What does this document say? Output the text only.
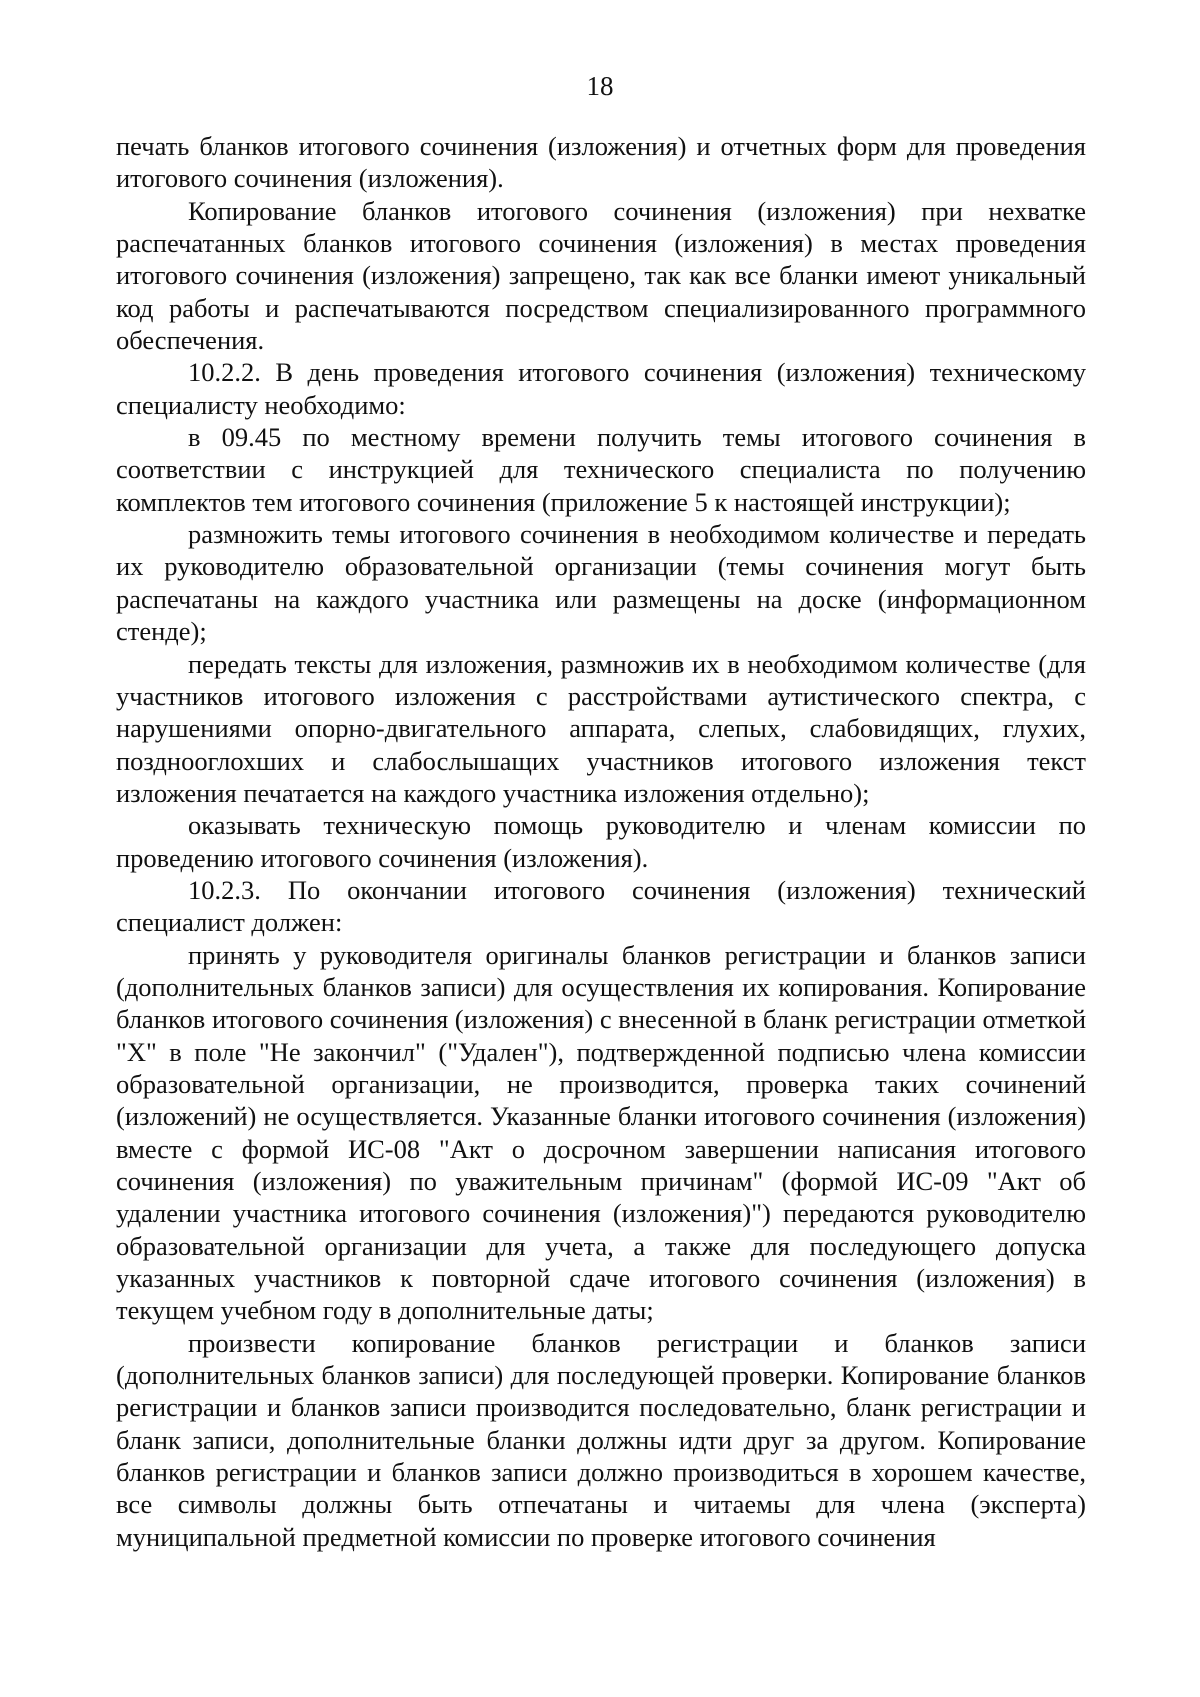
18

печать бланков итогового сочинения (изложения) и отчетных форм для проведения итогового сочинения (изложения).

Копирование бланков итогового сочинения (изложения) при нехватке распечатанных бланков итогового сочинения (изложения) в местах проведения итогового сочинения (изложения) запрещено, так как все бланки имеют уникальный код работы и распечатываются посредством специализированного программного обеспечения.

10.2.2. В день проведения итогового сочинения (изложения) техническому специалисту необходимо:

в 09.45 по местному времени получить темы итогового сочинения в соответствии с инструкцией для технического специалиста по получению комплектов тем итогового сочинения (приложение 5 к настоящей инструкции);

размножить темы итогового сочинения в необходимом количестве и передать их руководителю образовательной организации (темы сочинения могут быть распечатаны на каждого участника или размещены на доске (информационном стенде);

передать тексты для изложения, размножив их в необходимом количестве (для участников итогового изложения с расстройствами аутистического спектра, с нарушениями опорно-двигательного аппарата, слепых, слабовидящих, глухих, позднооглохших и слабослышащих участников итогового изложения текст изложения печатается на каждого участника изложения отдельно);

оказывать техническую помощь руководителю и членам комиссии по проведению итогового сочинения (изложения).

10.2.3. По окончании итогового сочинения (изложения) технический специалист должен:

принять у руководителя оригиналы бланков регистрации и бланков записи (дополнительных бланков записи) для осуществления их копирования. Копирование бланков итогового сочинения (изложения) с внесенной в бланк регистрации отметкой "X" в поле "Не закончил" ("Удален"), подтвержденной подписью члена комиссии образовательной организации, не производится, проверка таких сочинений (изложений) не осуществляется. Указанные бланки итогового сочинения (изложения) вместе с формой ИС-08 "Акт о досрочном завершении написания итогового сочинения (изложения) по уважительным причинам" (формой ИС-09 "Акт об удалении участника итогового сочинения (изложения)") передаются руководителю образовательной организации для учета, а также для последующего допуска указанных участников к повторной сдаче итогового сочинения (изложения) в текущем учебном году в дополнительные даты;

произвести копирование бланков регистрации и бланков записи (дополнительных бланков записи) для последующей проверки. Копирование бланков регистрации и бланков записи производится последовательно, бланк регистрации и бланк записи, дополнительные бланки должны идти друг за другом. Копирование бланков регистрации и бланков записи должно производиться в хорошем качестве, все символы должны быть отпечатаны и читаемы для члена (эксперта) муниципальной предметной комиссии по проверке итогового сочинения
